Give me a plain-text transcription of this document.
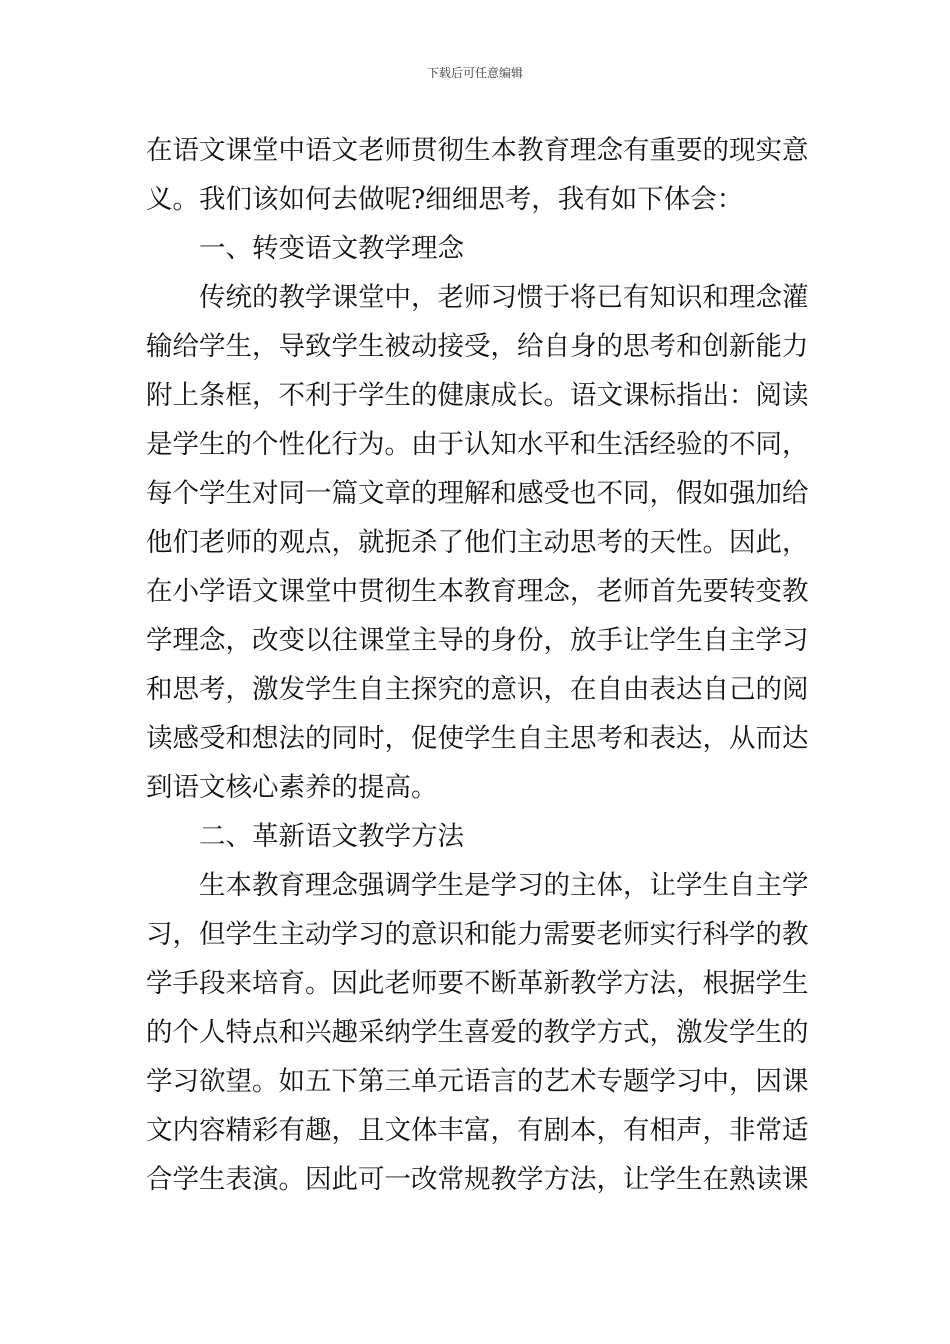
下载后可任意编辑
在语文课堂中语文老师贯彻生本教育理念有重要的现实意
义。我们该如何去做呢?细细思考，我有如下体会：
一、转变语文教学理念
传统的教学课堂中，老师习惯于将已有知识和理念灌
输给学生，导致学生被动接受，给自身的思考和创新能力
附上条框，不利于学生的健康成长。语文课标指出：阅读
是学生的个性化行为。由于认知水平和生活经验的不同，
每个学生对同一篇文章的理解和感受也不同，假如强加给
他们老师的观点，就扼杀了他们主动思考的天性。因此，
在小学语文课堂中贯彻生本教育理念，老师首先要转变教
学理念，改变以往课堂主导的身份，放手让学生自主学习
和思考，激发学生自主探究的意识，在自由表达自己的阅
读感受和想法的同时，促使学生自主思考和表达，从而达
到语文核心素养的提高。
二、革新语文教学方法
生本教育理念强调学生是学习的主体，让学生自主学
习，但学生主动学习的意识和能力需要老师实行科学的教
学手段来培育。因此老师要不断革新教学方法，根据学生
的个人特点和兴趣采纳学生喜爱的教学方式，激发学生的
学习欲望。如五下第三单元语言的艺术专题学习中，因课
文内容精彩有趣，且文体丰富，有剧本，有相声，非常适
合学生表演。因此可一改常规教学方法，让学生在熟读课
